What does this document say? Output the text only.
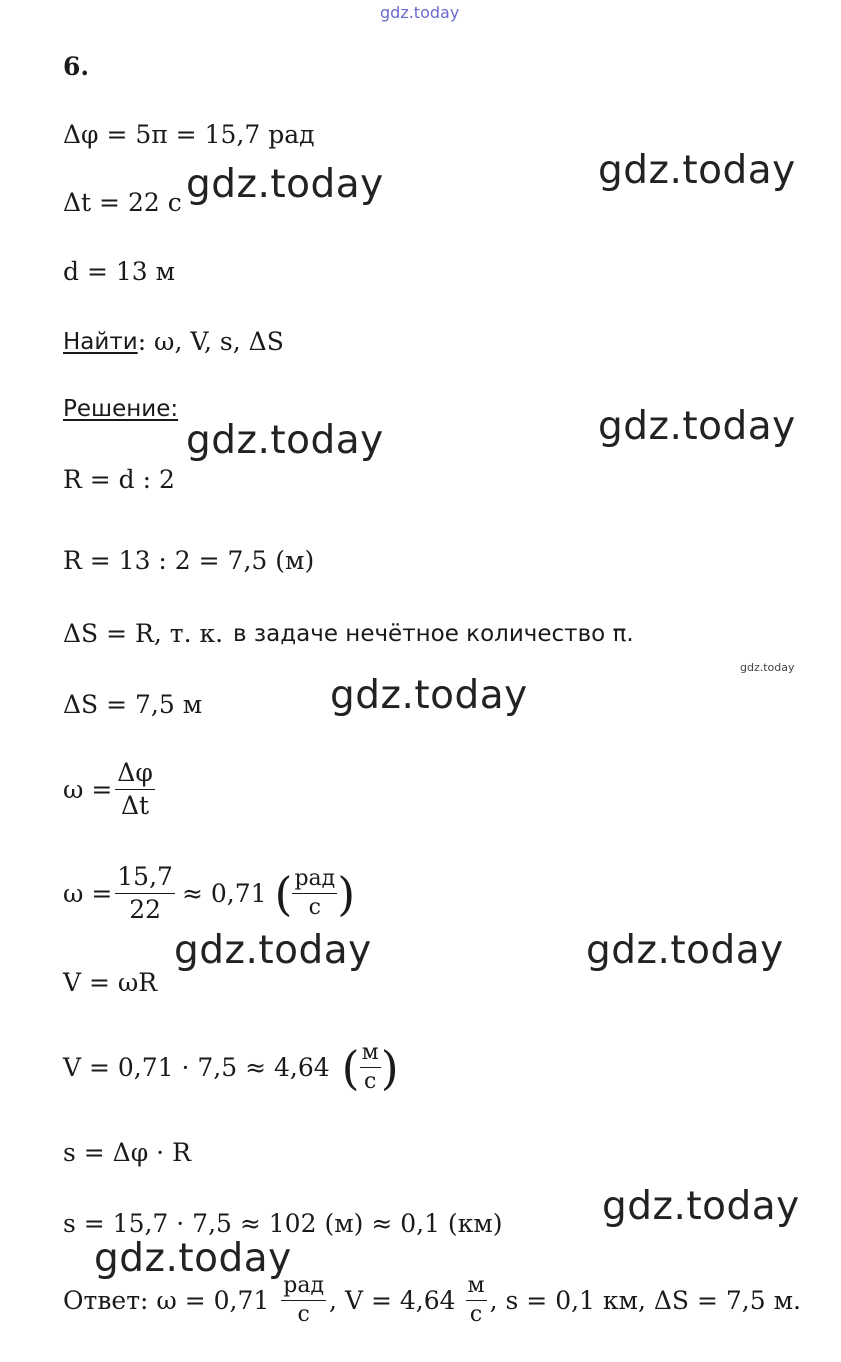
gdz.today
6.
Δφ = 5π = 15,7 рад
Δt = 22 с
d = 13 м
Найти : ω, V, s, ΔS
Решение:
R = d : 2
R = 13 : 2 = 7,5 (м)
ΔS = R, т. к. в задаче нечётное количество π.
ΔS = 7,5 м
$\omega = \frac{\Delta\varphi}{\Delta t}$
$\omega = \frac{15,7}{22} \approx 0,71$ ( $\frac{\text{рад}}{с}$ )
V = ωR
V = 0,71 · 7,5 ≈ 4,64 ( $\frac{м}{с}$ )
s = Δφ · R
s = 15,7 · 7,5 ≈ 102 (м) ≈ 0,1 (км)
Ответ: $\omega = 0,71 \frac{\text{рад}}{с}$ , $V = 4,64 \frac{м}{с}$ , s = 0,1 км, ΔS = 7,5 м.
gdz.today
gdz.today
gdz.today
gdz.today
gdz.today
gdz.today
gdz.today	gdz.today
gdz.today
gdz.today
